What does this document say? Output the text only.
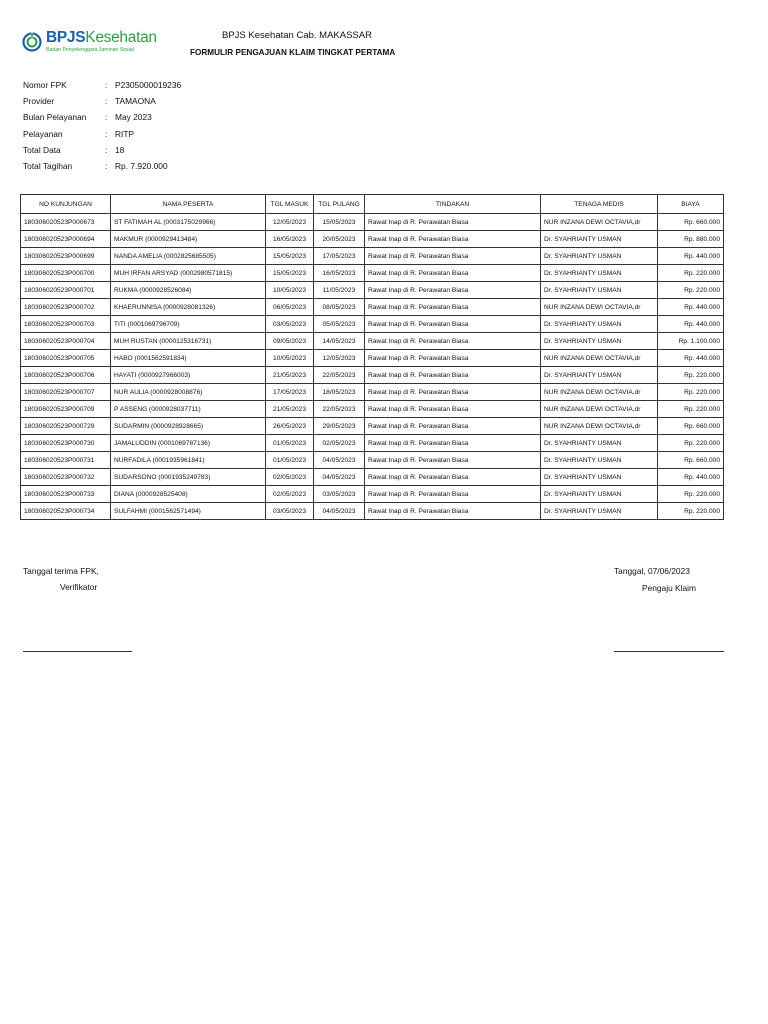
BPJSKesehatan
Badan Penyelenggara Jaminan Sosial
BPJS Kesehatan Cab. MAKASSAR
FORMULIR PENGAJUAN KLAIM TINGKAT PERTAMA
Nomor FPK	: P2305000019236
Provider	: TAMAONA
Bulan Pelayanan	: May 2023
Pelayanan	: RITP
Total Data	: 18
Total Tagihan	: Rp. 7.920.000
NO KUNJUNGAN	NAMA PESERTA	TGL MASUK	TGL PULANG	TINDAKAN	TENAGA MEDIS	BIAYA
180306020523P000673	ST FATIMAH AL (0003175029966)	12/05/2023	15/05/2023	Rawat Inap di R. Perawatan Biasa	NUR INZANA DEWI OCTAVIA,dr	Rp. 660.000
180306020523P000694	MAKMUR (0000929413484)	16/05/2023	20/05/2023	Rawat Inap di R. Perawatan Biasa	Dr. SYAHRIANTY USMAN	Rp. 880.000
180306020523P000699	NANDA AMELIA (0002825685505)	15/05/2023	17/05/2023	Rawat Inap di R. Perawatan Biasa	Dr. SYAHRIANTY USMAN	Rp. 440.000
180306020523P000700	MUH IRFAN ARSYAD (0002980571815)	15/05/2023	16/05/2023	Rawat Inap di R. Perawatan Biasa	Dr. SYAHRIANTY USMAN	Rp. 220.000
180306020523P000701	RUKMA (0000928526084)	10/05/2023	11/05/2023	Rawat Inap di R. Perawatan Biasa	Dr. SYAHRIANTY USMAN	Rp. 220.000
180306020523P000702	KHAERUNNISA (0000928081326)	06/05/2023	08/05/2023	Rawat Inap di R. Perawatan Biasa	NUR INZANA DEWI OCTAVIA,dr	Rp. 440.000
180306020523P000703	TITI (0001069796709)	03/05/2023	05/05/2023	Rawat Inap di R. Perawatan Biasa	Dr. SYAHRIANTY USMAN	Rp. 440.000
180306020523P000704	MUH RUSTAN (0000125316731)	09/05/2023	14/05/2023	Rawat Inap di R. Perawatan Biasa	Dr. SYAHRIANTY USMAN	Rp. 1.100.000
180306020523P000705	HABO (0001562591834)	10/05/2023	12/05/2023	Rawat Inap di R. Perawatan Biasa	NUR INZANA DEWI OCTAVIA,dr	Rp. 440.000
180306020523P000706	HAYATI (0000927966003)	21/05/2023	22/05/2023	Rawat Inap di R. Perawatan Biasa	Dr. SYAHRIANTY USMAN	Rp. 220.000
180306020523P000707	NUR AULIA (0000928008876)	17/05/2023	18/05/2023	Rawat Inap di R. Perawatan Biasa	NUR INZANA DEWI OCTAVIA,dr	Rp. 220.000
180306020523P000709	P ASSENG (0000928037711)	21/05/2023	22/05/2023	Rawat Inap di R. Perawatan Biasa	NUR INZANA DEWI OCTAVIA,dr	Rp. 220.000
180306020523P000729	SUDARMIN (0000928928665)	26/05/2023	29/05/2023	Rawat Inap di R. Perawatan Biasa	NUR INZANA DEWI OCTAVIA,dr	Rp. 660.000
180306020523P000730	JAMALUDDIN (0001069787136)	01/05/2023	02/05/2023	Rawat Inap di R. Perawatan Biasa	Dr. SYAHRIANTY USMAN	Rp. 220.000
180306020523P000731	NURFADILA (0001935961841)	01/05/2023	04/05/2023	Rawat Inap di R. Perawatan Biasa	Dr. SYAHRIANTY USMAN	Rp. 660.000
180306020523P000732	SUDARSONO (0001935249783)	02/05/2023	04/05/2023	Rawat Inap di R. Perawatan Biasa	Dr. SYAHRIANTY USMAN	Rp. 440.000
180306020523P000733	DIANA (0000928525408)	02/05/2023	03/05/2023	Rawat Inap di R. Perawatan Biasa	Dr. SYAHRIANTY USMAN	Rp. 220.000
180306020523P000734	SULFAHMI (0001562571494)	03/05/2023	04/05/2023	Rawat Inap di R. Perawatan Biasa	Dr. SYAHRIANTY USMAN	Rp. 220.000
Tanggal terima FPK,
Verifikator
Tanggal, 07/06/2023
Pengaju Klaim
